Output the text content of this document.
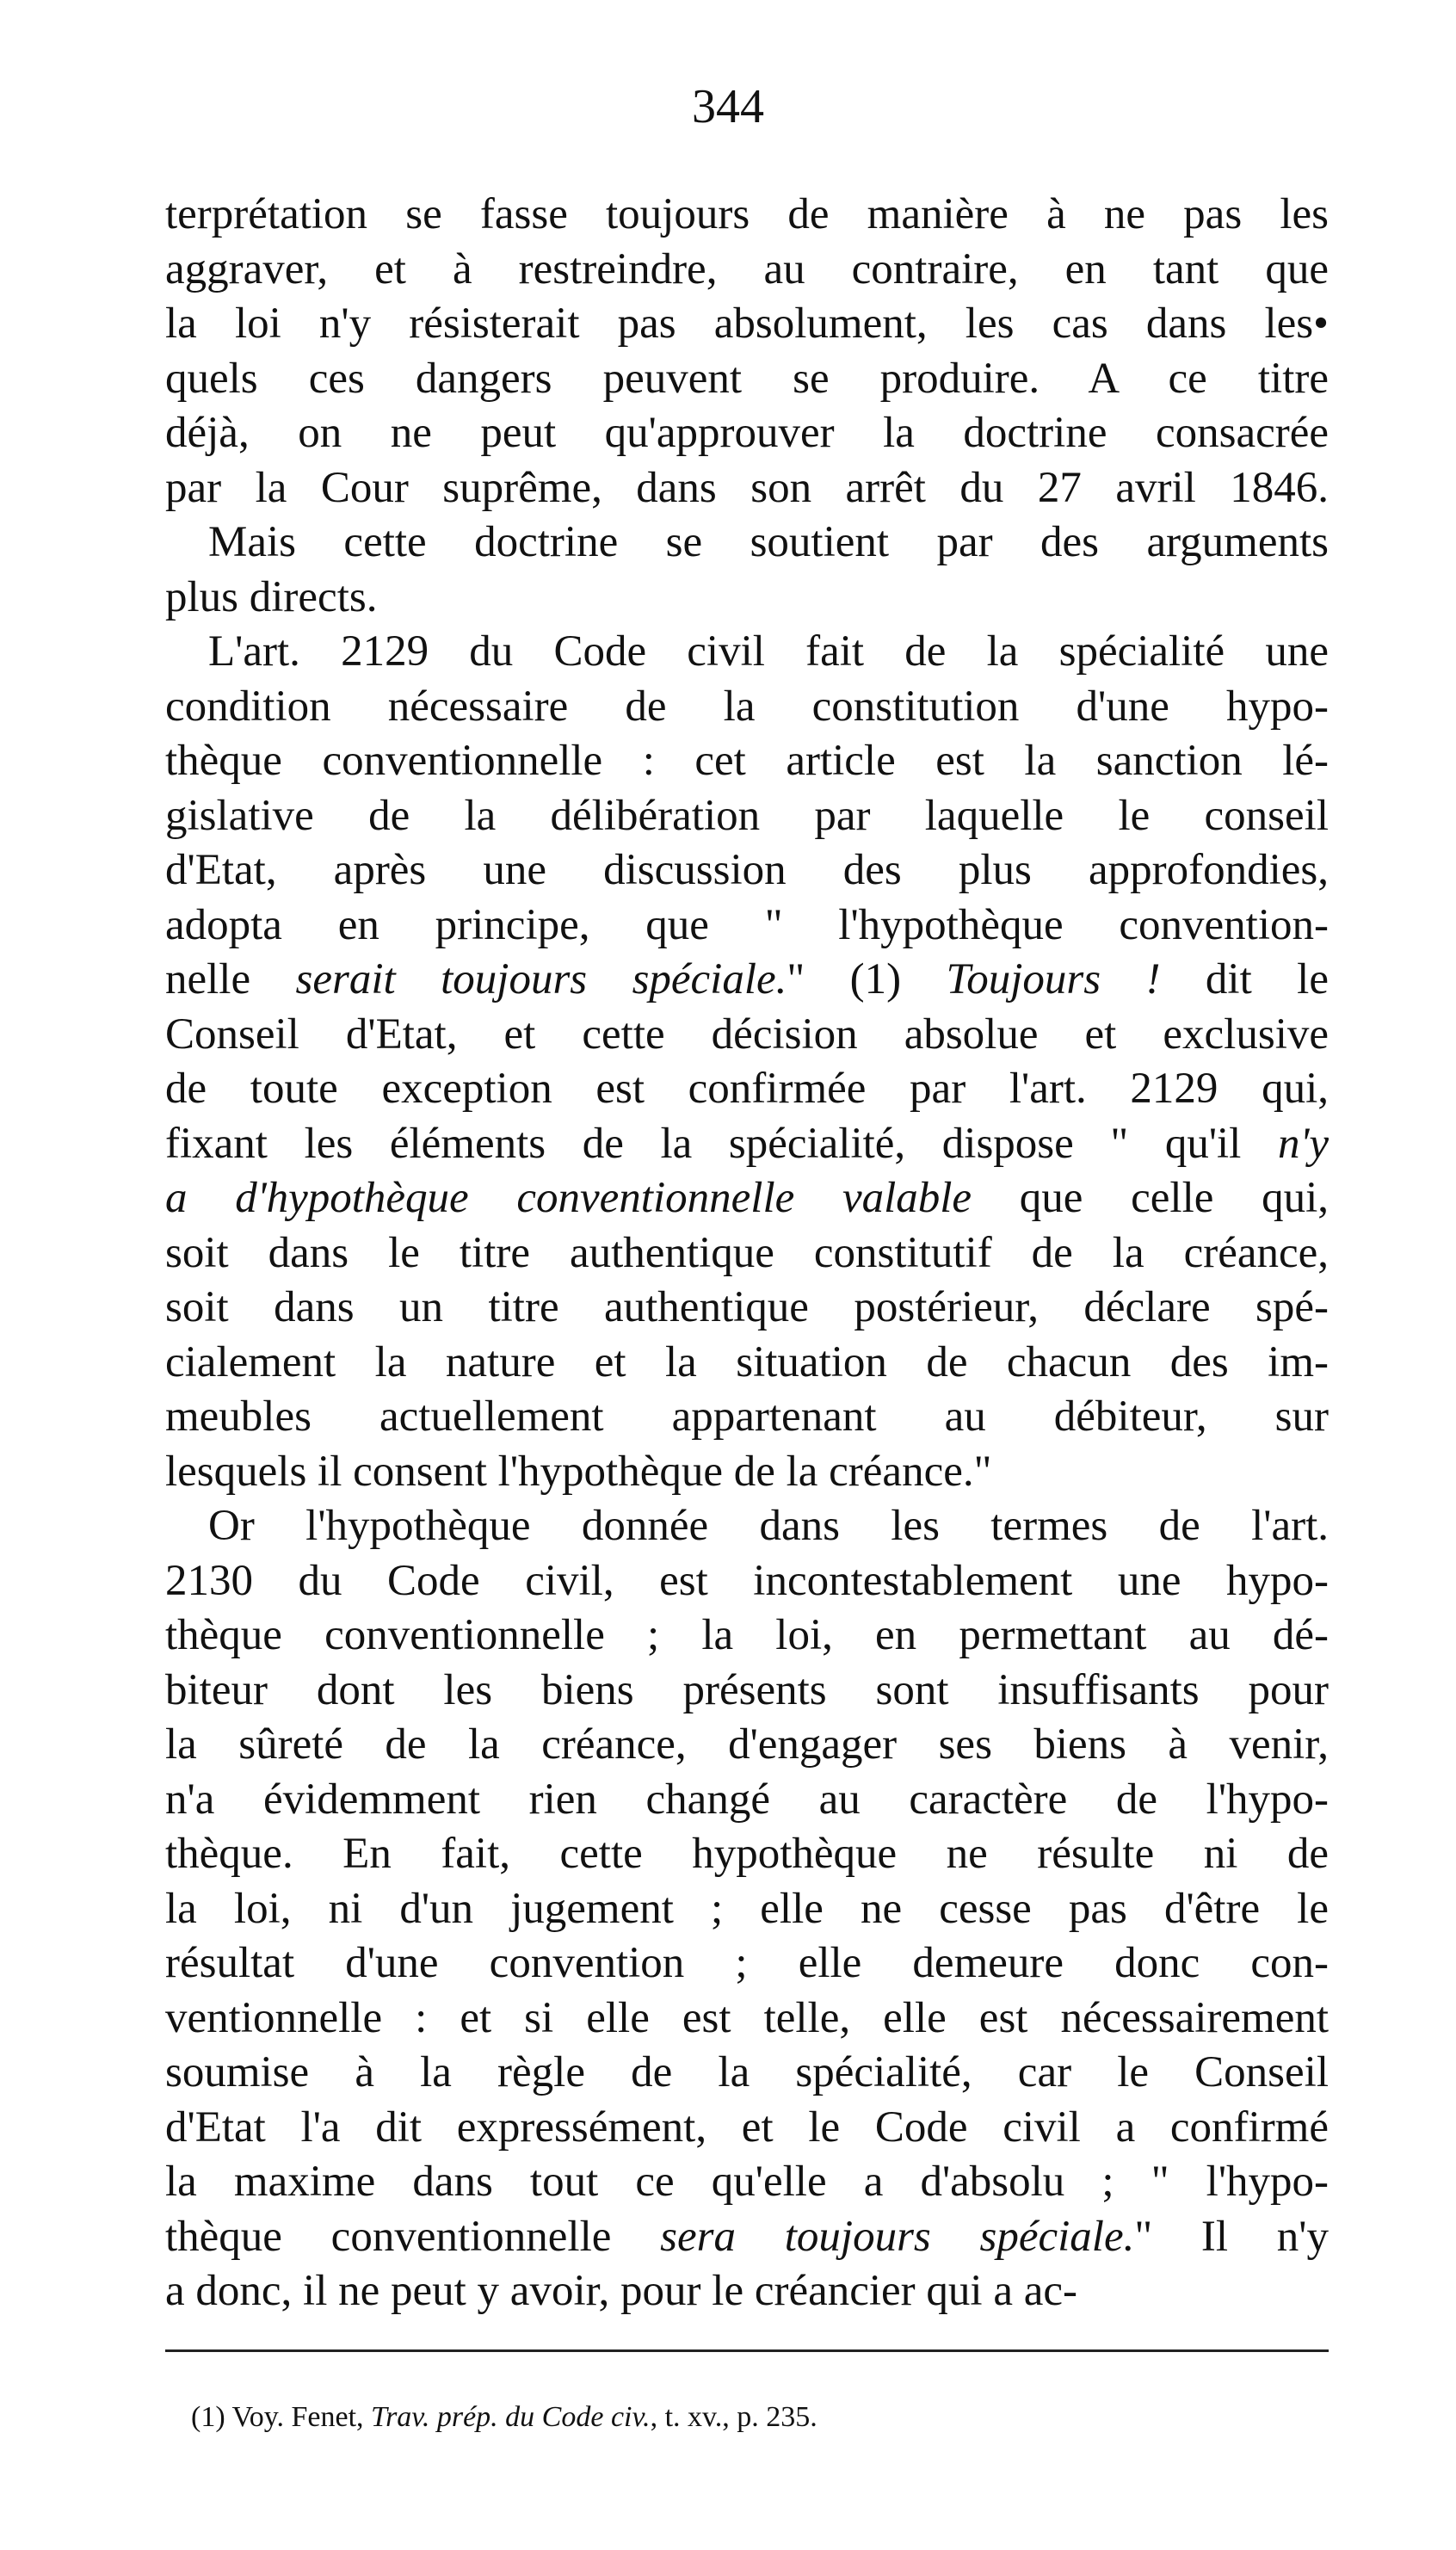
344
terprétation se fasse toujours de manière à ne pas les
aggraver, et à restreindre, au contraire, en tant que
la loi n'y résisterait pas absolument, les cas dans les•
quels ces dangers peuvent se produire. A ce titre
déjà, on ne peut qu'approuver la doctrine consacrée
par la Cour suprême, dans son arrêt du 27 avril 1846.
Mais cette doctrine se soutient par des arguments
plus directs.
L'art. 2129 du Code civil fait de la spécialité une
condition nécessaire de la constitution d'une hypo-
thèque conventionnelle : cet article est la sanction lé-
gislative de la délibération par laquelle le conseil
d'Etat, après une discussion des plus approfondies,
adopta en principe, que " l'hypothèque convention-
nelle serait toujours spéciale." (1) Toujours ! dit le
Conseil d'Etat, et cette décision absolue et exclusive
de toute exception est confirmée par l'art. 2129 qui,
fixant les éléments de la spécialité, dispose " qu'il n'y
a d'hypothèque conventionnelle valable que celle qui,
soit dans le titre authentique constitutif de la créance,
soit dans un titre authentique postérieur, déclare spé-
cialement la nature et la situation de chacun des im-
meubles actuellement appartenant au débiteur, sur
lesquels il consent l'hypothèque de la créance."
Or l'hypothèque donnée dans les termes de l'art.
2130 du Code civil, est incontestablement une hypo-
thèque conventionnelle ; la loi, en permettant au dé-
biteur dont les biens présents sont insuffisants pour
la sûreté de la créance, d'engager ses biens à venir,
n'a évidemment rien changé au caractère de l'hypo-
thèque. En fait, cette hypothèque ne résulte ni de
la loi, ni d'un jugement ; elle ne cesse pas d'être le
résultat d'une convention ; elle demeure donc con-
ventionnelle : et si elle est telle, elle est nécessairement
soumise à la règle de la spécialité, car le Conseil
d'Etat l'a dit expressément, et le Code civil a confirmé
la maxime dans tout ce qu'elle a d'absolu ; " l'hypo-
thèque conventionnelle sera toujours spéciale." Il n'y
a donc, il ne peut y avoir, pour le créancier qui a ac-
(1) Voy. Fenet, Trav. prép. du Code civ., t. xv., p. 235.
